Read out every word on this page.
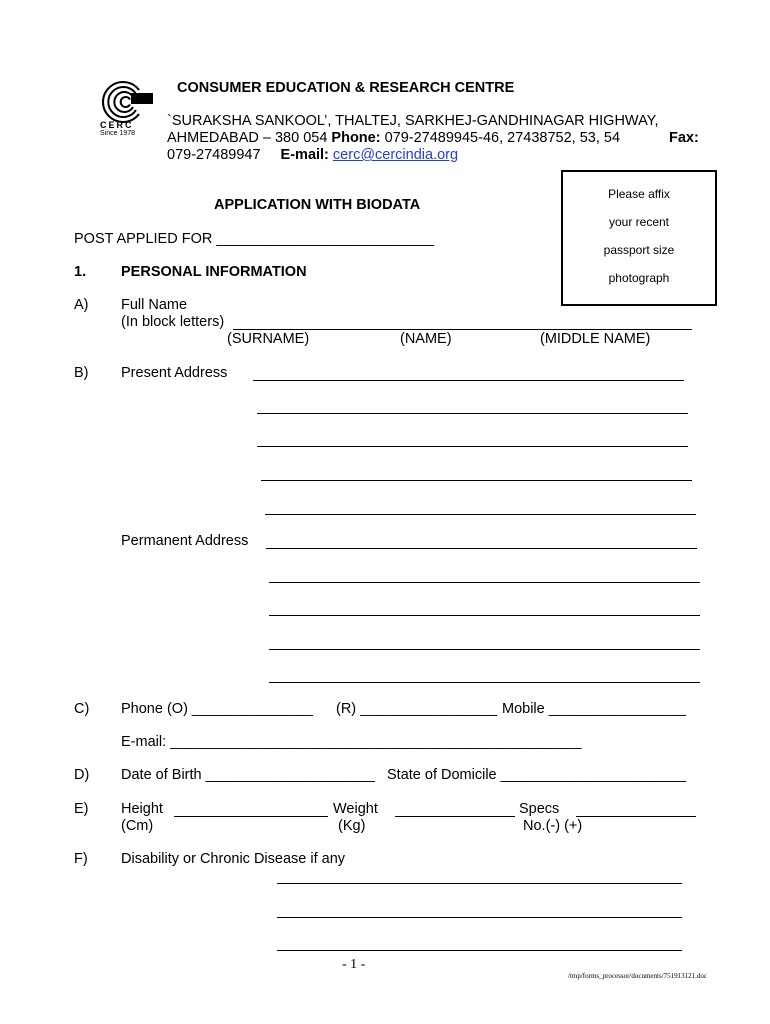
CERC
Since 1978
CONSUMER EDUCATION & RESEARCH CENTRE
`SURAKSHA SANKOOL’, THALTEJ, SARKHEJ-GANDHINAGAR HIGHWAY,
AHMEDABAD – 380 054 Phone: 079-27489945-46, 27438752, 53, 54	Fax:
079-27489947 E-mail: cerc@cercindia.org
Please affix
your recent
passport size
photograph
APPLICATION WITH BIODATA
POST APPLIED FOR ___________________________
1. PERSONAL INFORMATION
A) Full Name
(In block letters)
(SURNAME)	(NAME)	(MIDDLE NAME)
B) Present Address
Permanent Address
C) Phone (O) _______________ (R) _________________ Mobile _________________
E-mail: ___________________________________________________
D) Date of Birth _____________________ State of Domicile _______________________
E) Height	Weight	Specs
(Cm)	(Kg)	No.(-) (+)
F) Disability or Chronic Disease if any
- 1 -
/tmp/forms_processor/documents/751913121.doc
